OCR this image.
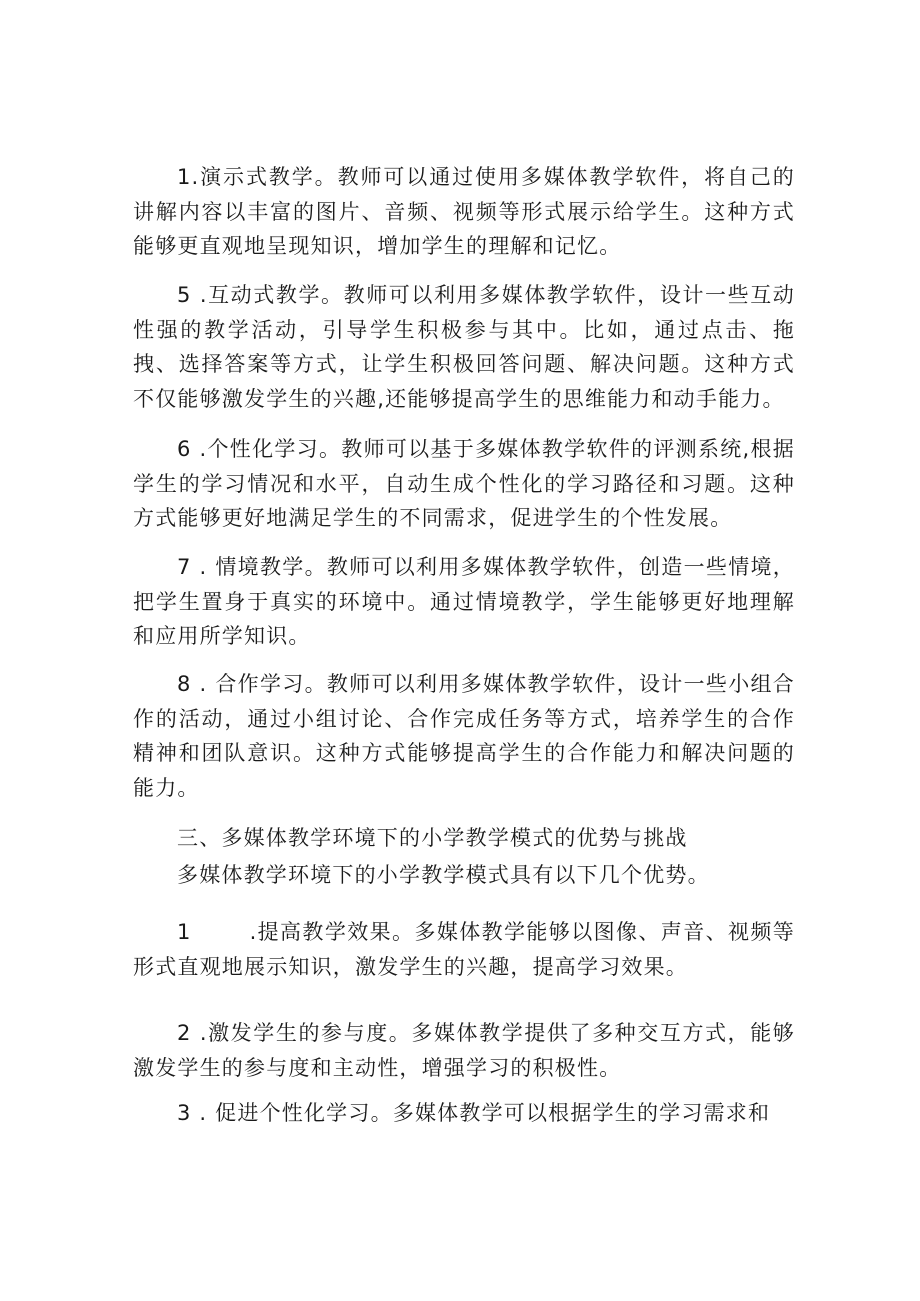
1.演示式教学。教师可以通过使用多媒体教学软件，将自己的讲解内容以丰富的图片、音频、视频等形式展示给学生。这种方式能够更直观地呈现知识，增加学生的理解和记忆。

5 .互动式教学。教师可以利用多媒体教学软件，设计一些互动性强的教学活动，引导学生积极参与其中。比如，通过点击、拖拽、选择答案等方式，让学生积极回答问题、解决问题。这种方式不仅能够激发学生的兴趣,还能够提高学生的思维能力和动手能力。

6 .个性化学习。教师可以基于多媒体教学软件的评测系统,根据学生的学习情况和水平，自动生成个性化的学习路径和习题。这种方式能够更好地满足学生的不同需求，促进学生的个性发展。

7 . 情境教学。教师可以利用多媒体教学软件，创造一些情境，把学生置身于真实的环境中。通过情境教学，学生能够更好地理解和应用所学知识。

8 . 合作学习。教师可以利用多媒体教学软件，设计一些小组合作的活动，通过小组讨论、合作完成任务等方式，培养学生的合作精神和团队意识。这种方式能够提高学生的合作能力和解决问题的能力。

三、多媒体教学环境下的小学教学模式的优势与挑战

多媒体教学环境下的小学教学模式具有以下几个优势。

1	.提高教学效果。多媒体教学能够以图像、声音、视频等形式直观地展示知识，激发学生的兴趣，提高学习效果。

2 .激发学生的参与度。多媒体教学提供了多种交互方式，能够激发学生的参与度和主动性，增强学习的积极性。

3 . 促进个性化学习。多媒体教学可以根据学生的学习需求和
